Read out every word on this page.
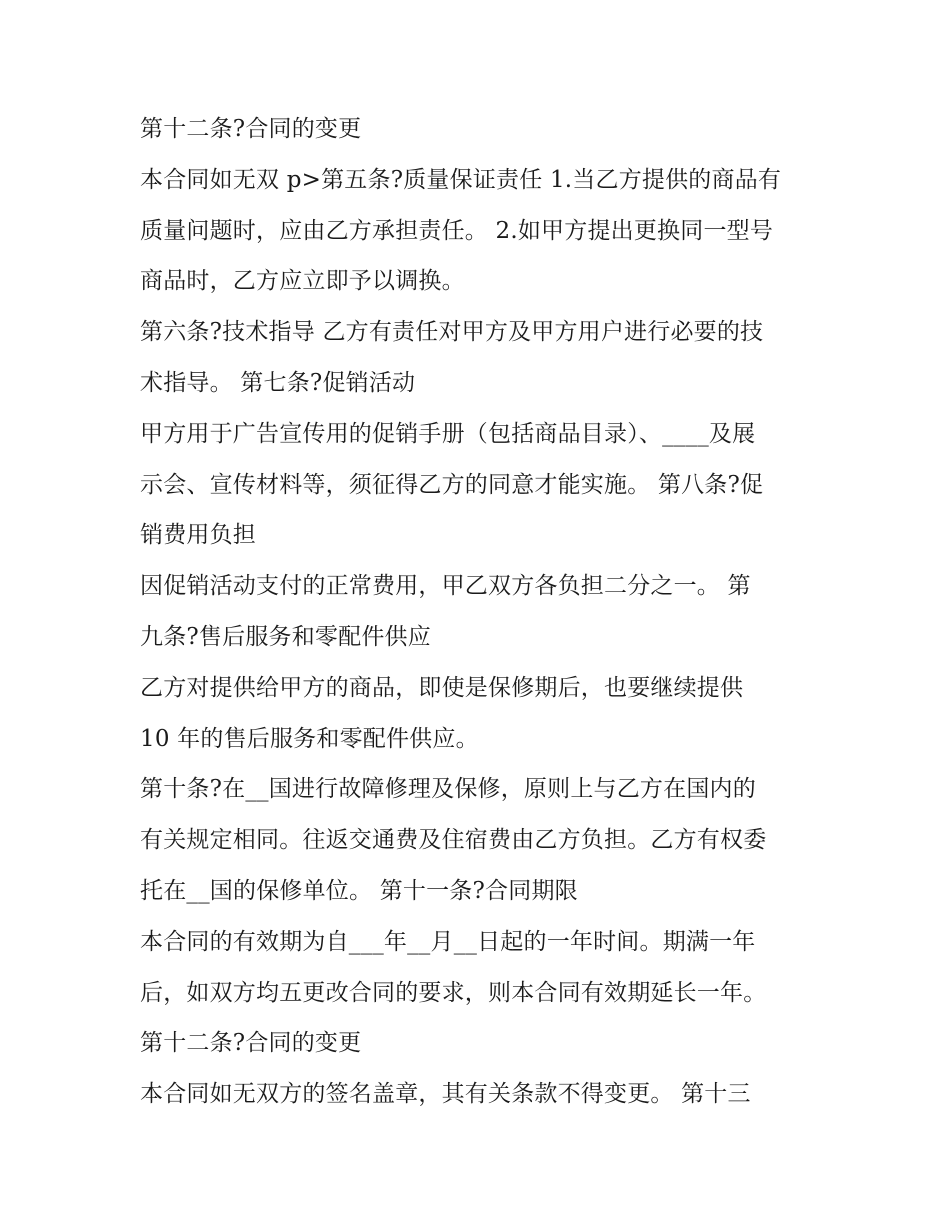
第十二条?合同的变更
本合同如无双 p>第五条?质量保证责任 1.当乙方提供的商品有
质量问题时，应由乙方承担责任。 2.如甲方提出更换同一型号
商品时，乙方应立即予以调换。
第六条?技术指导 乙方有责任对甲方及甲方用户进行必要的技
术指导。 第七条?促销活动
甲方用于广告宣传用的促销手册（包括商品目录）、____及展
示会、宣传材料等，须征得乙方的同意才能实施。 第八条?促
销费用负担
因促销活动支付的正常费用，甲乙双方各负担二分之一。 第
九条?售后服务和零配件供应
乙方对提供给甲方的商品，即使是保修期后，也要继续提供
10 年的售后服务和零配件供应。
第十条?在__国进行故障修理及保修，原则上与乙方在国内的
有关规定相同。往返交通费及住宿费由乙方负担。乙方有权委
托在__国的保修单位。 第十一条?合同期限
本合同的有效期为自___年__月__日起的一年时间。期满一年
后，如双方均五更改合同的要求，则本合同有效期延长一年。
第十二条?合同的变更
本合同如无双方的签名盖章，其有关条款不得变更。 第十三
